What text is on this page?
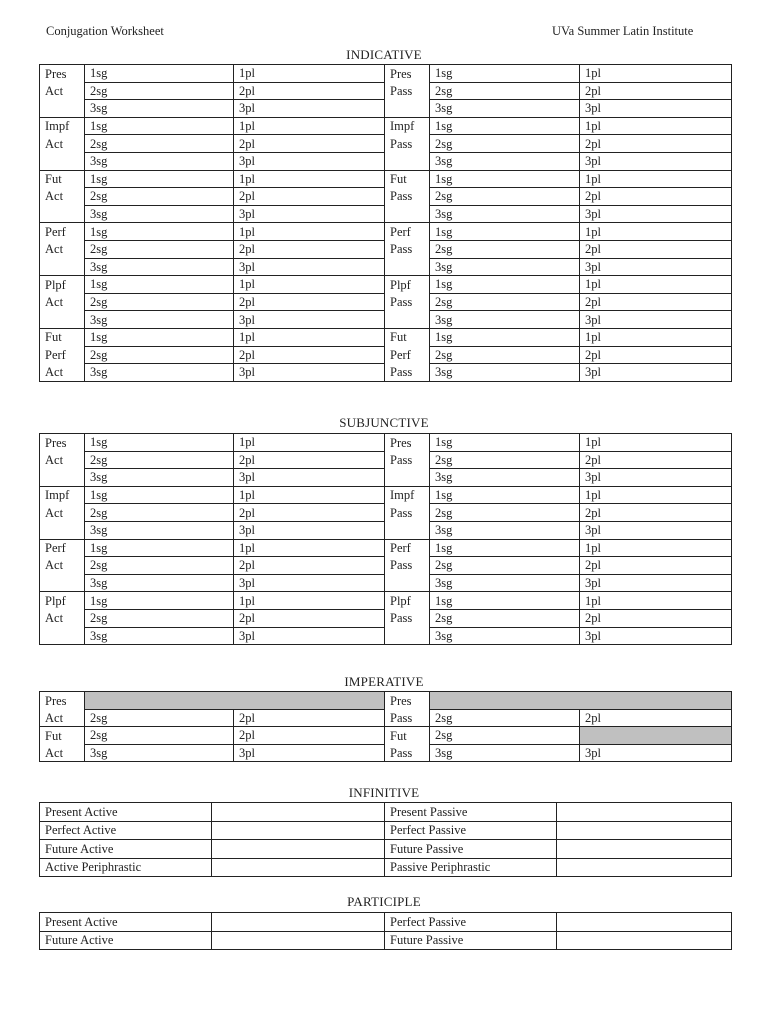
Conjugation Worksheet	UVa Summer Latin Institute
INDICATIVE
Pres	1sg	1pl	Pres	1sg	1pl
Act	2sg	2pl	Pass	2sg	2pl
	3sg	3pl		3sg	3pl
Impf	1sg	1pl	Impf	1sg	1pl
Act	2sg	2pl	Pass	2sg	2pl
	3sg	3pl		3sg	3pl
Fut	1sg	1pl	Fut	1sg	1pl
Act	2sg	2pl	Pass	2sg	2pl
	3sg	3pl		3sg	3pl
Perf	1sg	1pl	Perf	1sg	1pl
Act	2sg	2pl	Pass	2sg	2pl
	3sg	3pl		3sg	3pl
Plpf	1sg	1pl	Plpf	1sg	1pl
Act	2sg	2pl	Pass	2sg	2pl
	3sg	3pl		3sg	3pl
Fut	1sg	1pl	Fut	1sg	1pl
Perf	2sg	2pl	Perf	2sg	2pl
Act	3sg	3pl	Pass	3sg	3pl
SUBJUNCTIVE
Pres	1sg	1pl	Pres	1sg	1pl
Act	2sg	2pl	Pass	2sg	2pl
	3sg	3pl		3sg	3pl
Impf	1sg	1pl	Impf	1sg	1pl
Act	2sg	2pl	Pass	2sg	2pl
	3sg	3pl		3sg	3pl
Perf	1sg	1pl	Perf	1sg	1pl
Act	2sg	2pl	Pass	2sg	2pl
	3sg	3pl		3sg	3pl
Plpf	1sg	1pl	Plpf	1sg	1pl
Act	2sg	2pl	Pass	2sg	2pl
	3sg	3pl		3sg	3pl
IMPERATIVE
Pres			Pres		
Act	2sg	2pl	Pass	2sg	2pl
Fut	2sg	2pl	Fut	2sg	
Act	3sg	3pl	Pass	3sg	3pl
INFINITIVE
Present Active		Present Passive	
Perfect Active		Perfect Passive	
Future Active		Future Passive	
Active Periphrastic		Passive Periphrastic	
PARTICIPLE
Present Active		Perfect Passive	
Future Active		Future Passive	
